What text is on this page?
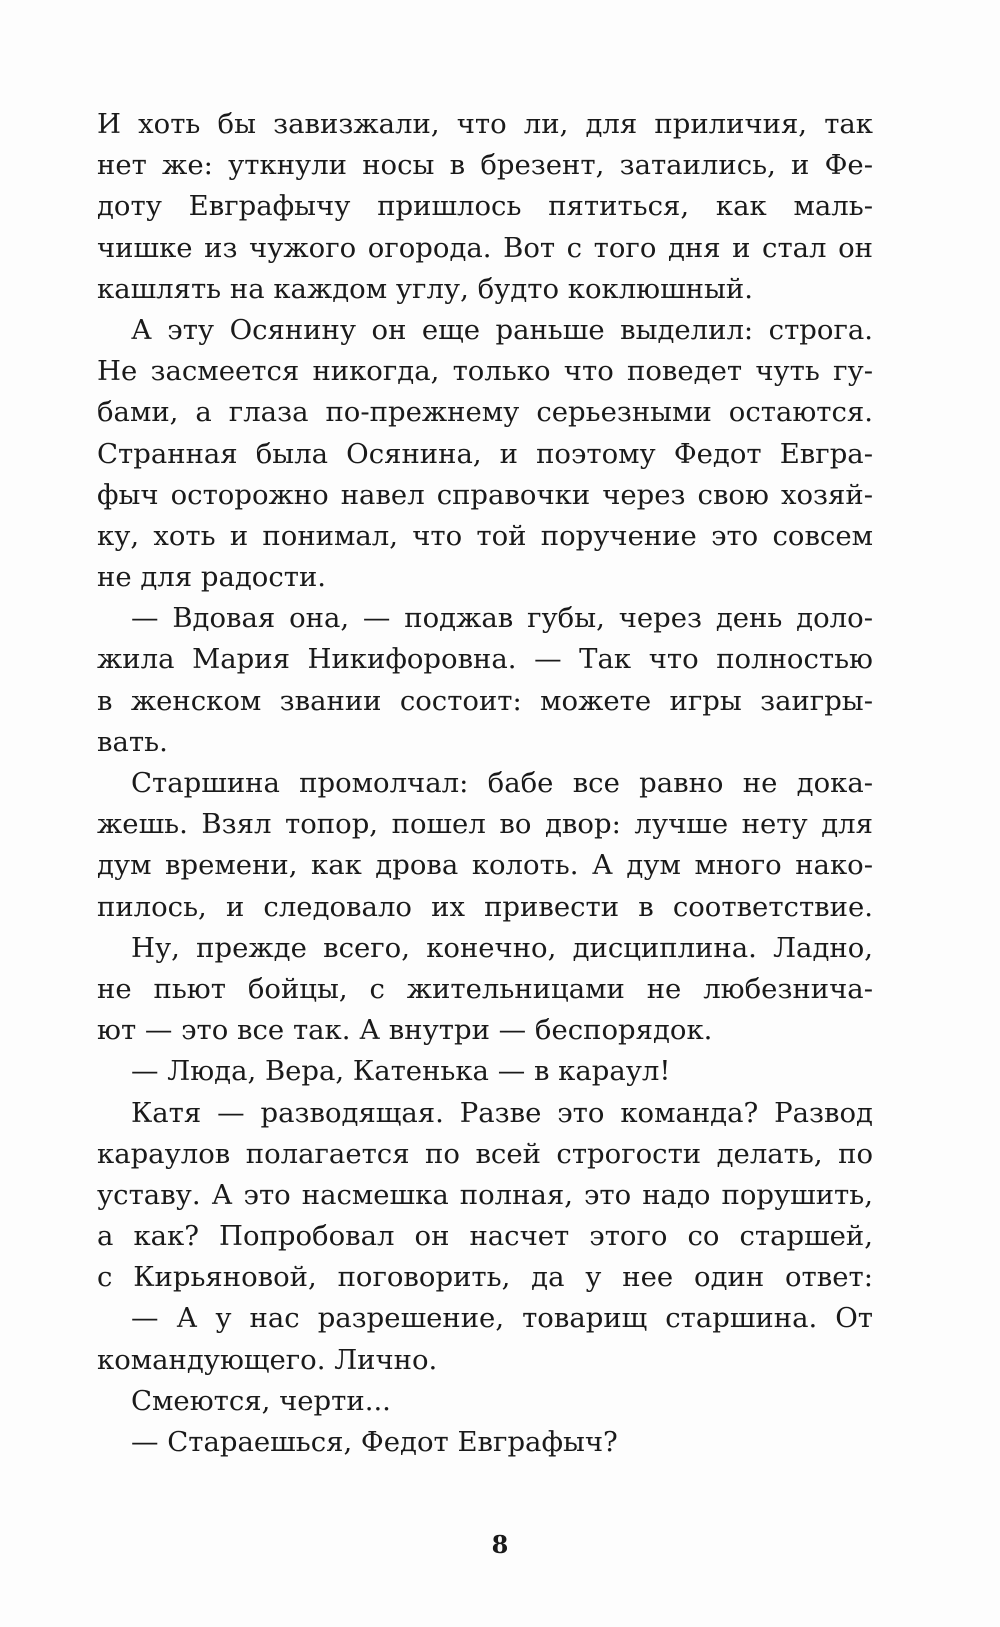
И хоть бы завизжали, что ли, для приличия, так
нет же: уткнули носы в брезент, затаились, и Фе-
доту Евграфычу пришлось пятиться, как маль-
чишке из чужого огорода. Вот с того дня и стал он
кашлять на каждом углу, будто коклюшный.
А эту Осянину он еще раньше выделил: строга.
Не засмеется никогда, только что поведет чуть гу-
бами, а глаза по-прежнему серьезными остаются.
Странная была Осянина, и поэтому Федот Евгра-
фыч осторожно навел справочки через свою хозяй-
ку, хоть и понимал, что той поручение это совсем
не для радости.
— Вдовая она, — поджав губы, через день доло-
жила Мария Никифоровна. — Так что полностью
в женском звании состоит: можете игры заигры-
вать.
Старшина промолчал: бабе все равно не дока-
жешь. Взял топор, пошел во двор: лучше нету для
дум времени, как дрова колоть. А дум много нако-
пилось, и следовало их привести в соответствие.
Ну, прежде всего, конечно, дисциплина. Ладно,
не пьют бойцы, с жительницами не любезнича-
ют — это все так. А внутри — беспорядок.
— Люда, Вера, Катенька — в караул!
Катя — разводящая. Разве это команда? Развод
караулов полагается по всей строгости делать, по
уставу. А это насмешка полная, это надо порушить,
а как? Попробовал он насчет этого со старшей,
с Кирьяновой, поговорить, да у нее один ответ:
— А у нас разрешение, товарищ старшина. От
командующего. Лично.
Смеются, черти...
— Стараешься, Федот Евграфыч?
8
